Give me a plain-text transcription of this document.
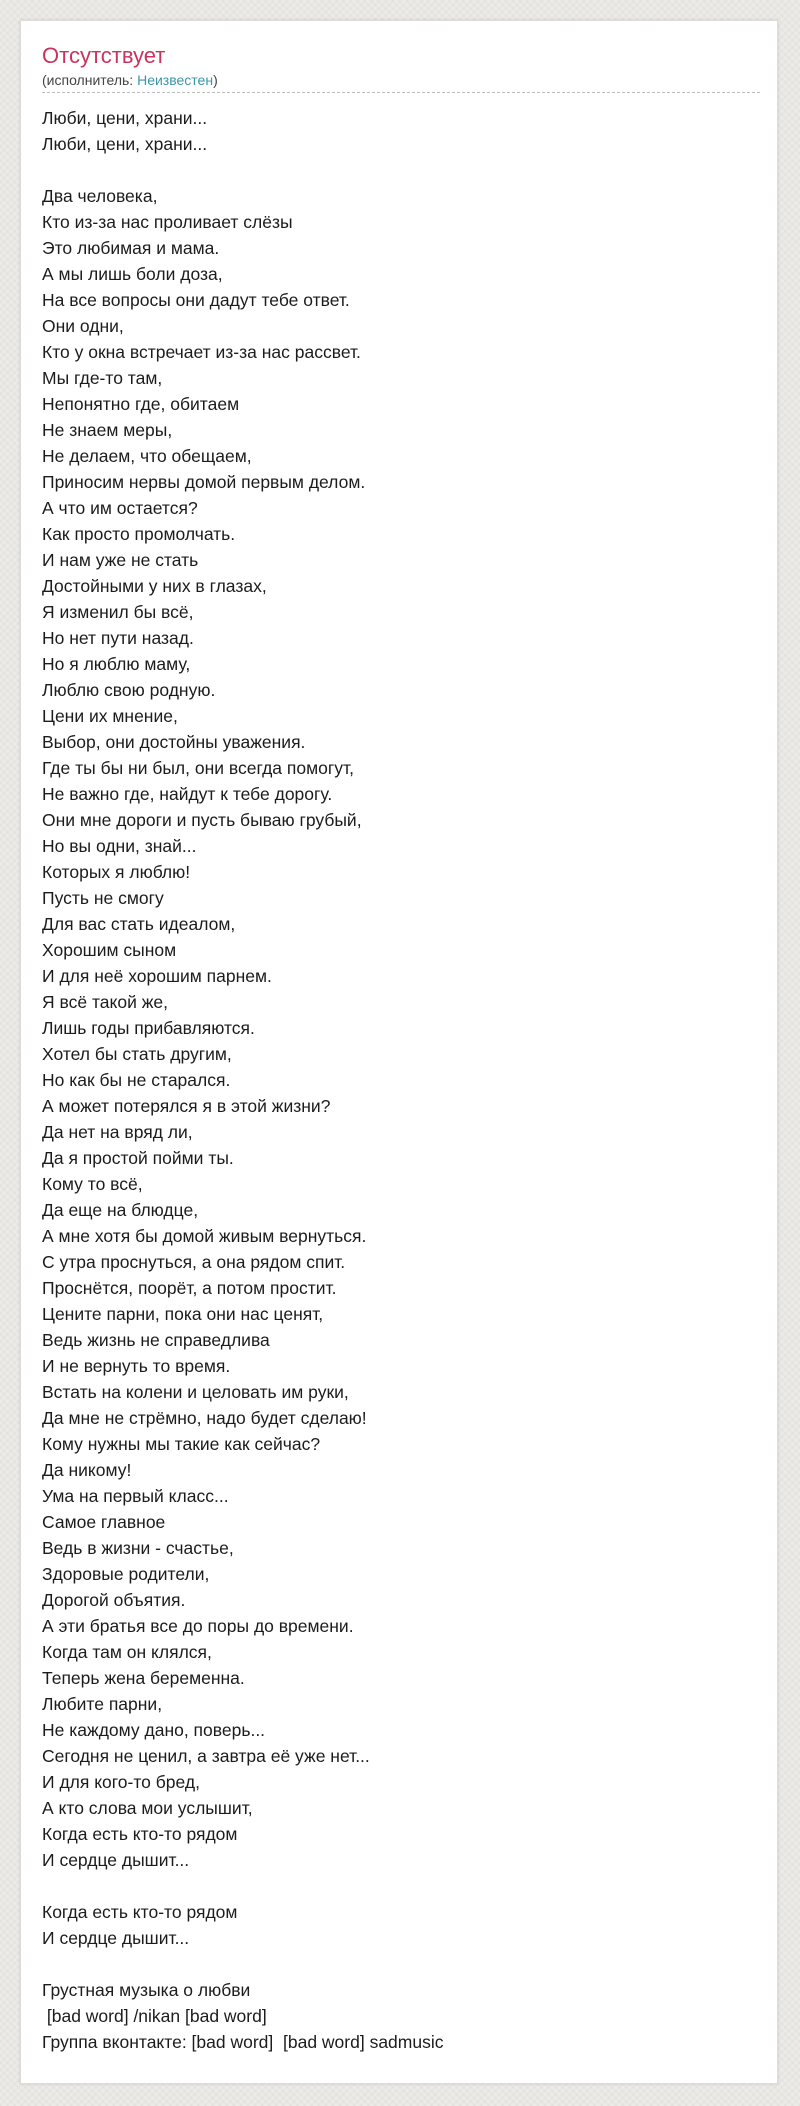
Отсутствует
(исполнитель: Неизвестен)
Люби, цени, храни...
Люби, цени, храни...
Два человека,
Кто из-за нас проливает слёзы
Это любимая и мама.
А мы лишь боли доза,
На все вопросы они дадут тебе ответ.
Они одни,
Кто у окна встречает из-за нас рассвет.
Мы где-то там,
Непонятно где, обитаем
Не знаем меры,
Не делаем, что обещаем,
Приносим нервы домой первым делом.
А что им остается?
Как просто промолчать.
И нам уже не стать
Достойными у них в глазах,
Я изменил бы всё,
Но нет пути назад.
Но я люблю маму,
Люблю свою родную.
Цени их мнение,
Выбор, они достойны уважения.
Где ты бы ни был, они всегда помогут,
Не важно где, найдут к тебе дорогу.
Они мне дороги и пусть бываю грубый,
Но вы одни, знай...
Которых я люблю!
Пусть не смогу
Для вас стать идеалом,
Хорошим сыном
И для неё хорошим парнем.
Я всё такой же,
Лишь годы прибавляются.
Хотел бы стать другим,
Но как бы не старался.
А может потерялся я в этой жизни?
Да нет на вряд ли,
Да я простой пойми ты.
Кому то всё,
Да еще на блюдце,
А мне хотя бы домой живым вернуться.
С утра проснуться, а она рядом спит.
Проснётся, поорёт, а потом простит.
Цените парни, пока они нас ценят,
Ведь жизнь не справедлива
И не вернуть то время.
Встать на колени и целовать им руки,
Да мне не стрёмно, надо будет сделаю!
Кому нужны мы такие как сейчас?
Да никому!
Ума на первый класс...
Самое главное
Ведь в жизни - счастье,
Здоровые родители,
Дорогой объятия.
А эти братья все до поры до времени.
Когда там он клялся,
Теперь жена беременна.
Любите парни,
Не каждому дано, поверь...
Сегодня не ценил, а завтра её уже нет...
И для кого-то бред,
А кто слова мои услышит,
Когда есть кто-то рядом
И сердце дышит...
Когда есть кто-то рядом
И сердце дышит...
Грустная музыка о любви
[bad word] /nikan [bad word]
Группа вконтакте: [bad word]  [bad word] sadmusic
